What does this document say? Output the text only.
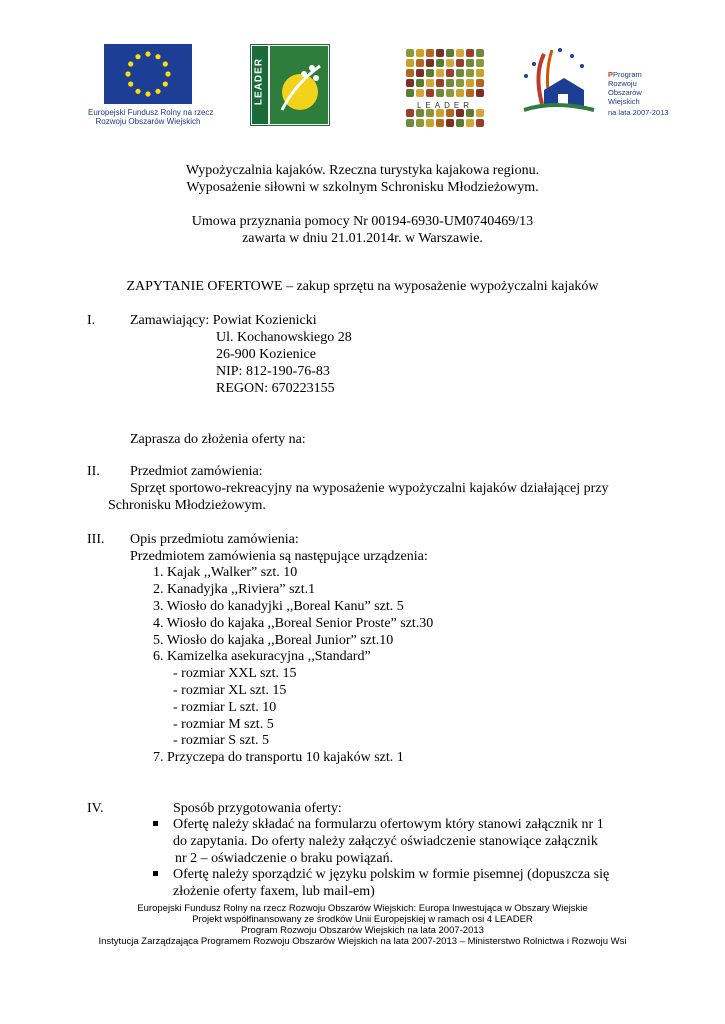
Europejski Fundusz Rolny na rzecz
Rozwoju Obszarów Wiejskich
LEADER
LEADER
PProgram
Rozwoju
Obszarów
Wiejskich
na lata 2007-2013
Wypożyczalnia kajaków. Rzeczna turystyka kajakowa regionu.
Wyposażenie siłowni w szkolnym Schronisku Młodzieżowym.
Umowa przyznania pomocy Nr 00194-6930-UM0740469/13
zawarta w dniu 21.01.2014r. w Warszawie.
ZAPYTANIE OFERTOWE – zakup sprzętu na wyposażenie wypożyczalni kajaków
I. Zamawiający: Powiat Kozienicki
Ul. Kochanowskiego 28
26-900 Kozienice
NIP: 812-190-76-83
REGON: 670223155
Zaprasza do złożenia oferty na:
II. Przedmiot zamówienia:
Sprzęt sportowo-rekreacyjny na wyposażenie wypożyczalni kajaków działającej przy
Schronisku Młodzieżowym.
III. Opis przedmiotu zamówienia:
Przedmiotem zamówienia są następujące urządzenia:
1. Kajak ,,Walker” szt. 10
2. Kanadyjka ,,Riviera” szt.1
3. Wiosło do kanadyjki ,,Boreal Kanu” szt. 5
4. Wiosło do kajaka ,,Boreal Senior Proste” szt.30
5. Wiosło do kajaka ,,Boreal Junior” szt.10
6. Kamizelka asekuracyjna ,,Standard”
- rozmiar XXL szt. 15
- rozmiar XL szt. 15
- rozmiar L szt. 10
- rozmiar M szt. 5
- rozmiar S szt. 5
7. Przyczepa do transportu 10 kajaków szt. 1
IV.	Sposób przygotowania oferty:
Ofertę należy składać na formularzu ofertowym który stanowi załącznik nr 1
do zapytania. Do oferty należy załączyć oświadczenie stanowiące załącznik
nr 2 – oświadczenie o braku powiązań.
Ofertę należy sporządzić w języku polskim w formie pisemnej (dopuszcza się
złożenie oferty faxem, lub mail-em)
Europejski Fundusz Rolny na rzecz Rozwoju Obszarów Wiejskich: Europa Inwestująca w Obszary Wiejskie
Projekt współfinansowany ze środków Unii Europejskiej w ramach osi 4 LEADER
Program Rozwoju Obszarów Wiejskich na lata 2007-2013
Instytucja Zarządzająca Programem Rozwoju Obszarów Wiejskich na lata 2007-2013 – Ministerstwo Rolnictwa i Rozwoju Wsi
